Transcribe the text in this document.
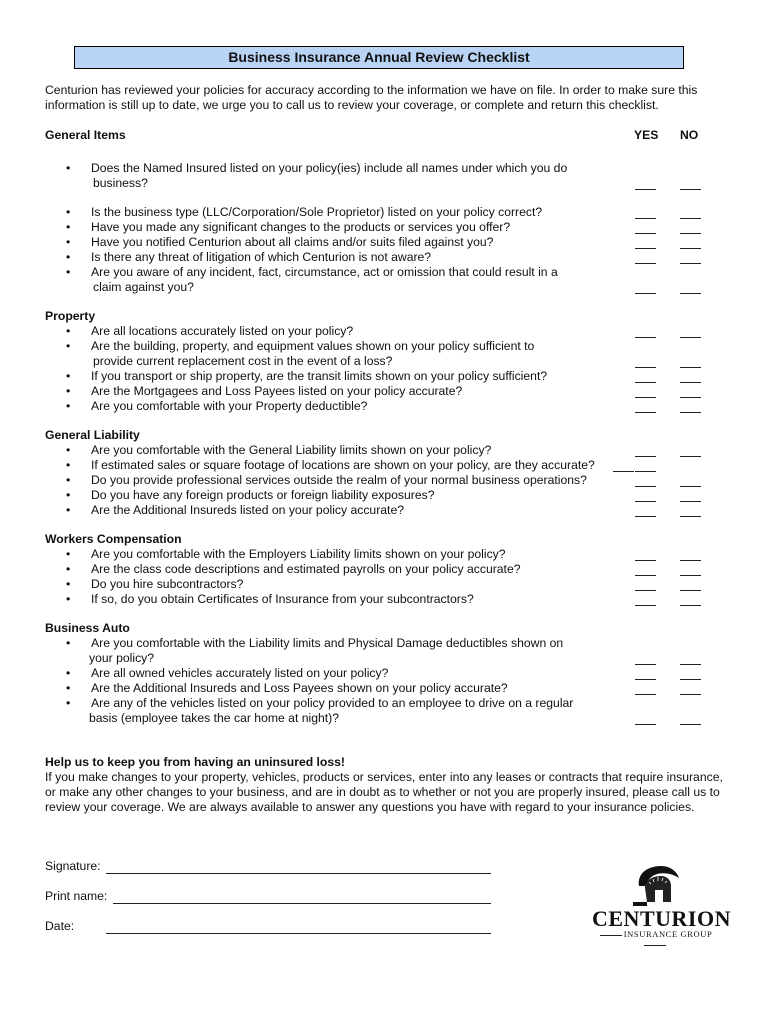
Business Insurance Annual Review Checklist
Centurion has reviewed your policies for accuracy according to the information we have on file. In order to make sure this information is still up to date, we urge you to call us to review your coverage, or complete and return this checklist.
General Items	YES NO
• Does the Named Insured listed on your policy(ies) include all names under which you do
business?
• Is the business type (LLC/Corporation/Sole Proprietor) listed on your policy correct?
• Have you made any significant changes to the products or services you offer?
• Have you notified Centurion about all claims and/or suits filed against you?
• Is there any threat of litigation of which Centurion is not aware?
• Are you aware of any incident, fact, circumstance, act or omission that could result in a
claim against you?
Property
• Are all locations accurately listed on your policy?
• Are the building, property, and equipment values shown on your policy sufficient to
provide current replacement cost in the event of a loss?
• If you transport or ship property, are the transit limits shown on your policy sufficient?
• Are the Mortgagees and Loss Payees listed on your policy accurate?
• Are you comfortable with your Property deductible?
General Liability
• Are you comfortable with the General Liability limits shown on your policy?
• If estimated sales or square footage of locations are shown on your policy, are they accurate?
• Do you provide professional services outside the realm of your normal business operations?
• Do you have any foreign products or foreign liability exposures?
• Are the Additional Insureds listed on your policy accurate?
Workers Compensation
• Are you comfortable with the Employers Liability limits shown on your policy?
• Are the class code descriptions and estimated payrolls on your policy accurate?
• Do you hire subcontractors?
• If so, do you obtain Certificates of Insurance from your subcontractors?
Business Auto
• Are you comfortable with the Liability limits and Physical Damage deductibles shown on
your policy?
• Are all owned vehicles accurately listed on your policy?
• Are the Additional Insureds and Loss Payees shown on your policy accurate?
• Are any of the vehicles listed on your policy provided to an employee to drive on a regular
basis (employee takes the car home at night)?
Help us to keep you from having an uninsured loss!
If you make changes to your property, vehicles, products or services, enter into any leases or contracts that require insurance, or make any other changes to your business, and are in doubt as to whether or not you are properly insured, please call us to review your coverage. We are always available to answer any questions you have with regard to your insurance policies.
Signature:
Print name:
Date:	CENTURION
INSURANCE GROUP
